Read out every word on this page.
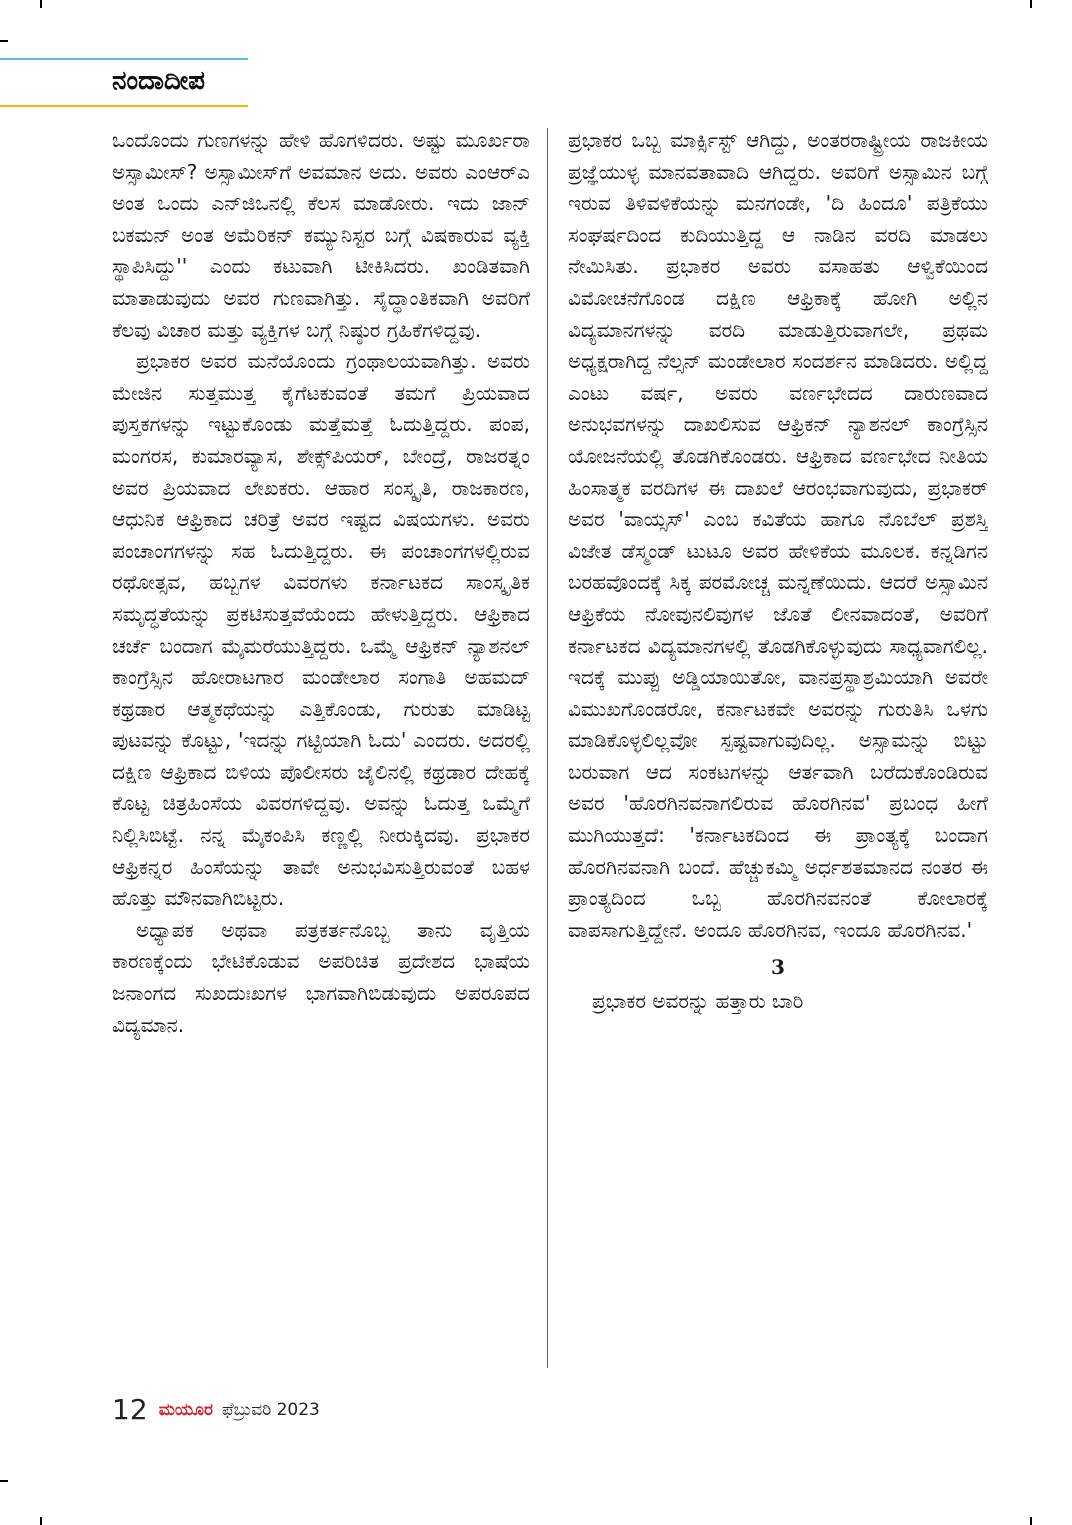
ನಂದಾದೀಪ

ಒಂದೊಂದು ಗುಣಗಳನ್ನು ಹೇಳಿ ಹೊಗಳಿದರು. ಅಷ್ಟು ಮೂರ್ಖರಾ ಅಸ್ಸಾಮೀಸ್? ಅಸ್ಸಾಮೀಸ್‌ಗೆ ಅವಮಾನ ಅದು. ಅವರು ಎಂಆರ್‌ಎ ಅಂತ ಒಂದು ಎನ್‌ಜಿಒನಲ್ಲಿ ಕೆಲಸ ಮಾಡೋರು. ಇದು ಜಾನ್ ಬಕಮನ್ ಅಂತ ಅಮೆರಿಕನ್ ಕಮ್ಯುನಿಸ್ಟರ ಬಗ್ಗೆ ವಿಷಕಾರುವ ವ್ಯಕ್ತಿ ಸ್ಥಾಪಿಸಿದ್ದು'' ಎಂದು ಕಟುವಾಗಿ ಟೀಕಿಸಿದರು. ಖಂಡಿತವಾಗಿ ಮಾತಾಡುವುದು ಅವರ ಗುಣವಾಗಿತ್ತು. ಸೈದ್ಧಾಂತಿಕವಾಗಿ ಅವರಿಗೆ ಕೆಲವು ವಿಚಾರ ಮತ್ತು ವ್ಯಕ್ತಿಗಳ ಬಗ್ಗೆ ನಿಷ್ಠುರ ಗ್ರಹಿಕೆಗಳಿದ್ದವು.

ಪ್ರಭಾಕರ ಅವರ ಮನೆಯೊಂದು ಗ್ರಂಥಾಲಯವಾಗಿತ್ತು. ಅವರು ಮೇಜಿನ ಸುತ್ತಮುತ್ತ ಕೈಗೆಟಕುವಂತೆ ತಮಗೆ ಪ್ರಿಯವಾದ ಪುಸ್ತಕಗಳನ್ನು ಇಟ್ಟುಕೊಂಡು ಮತ್ತೆಮತ್ತೆ ಓದುತ್ತಿದ್ದರು. ಪಂಪ, ಮಂಗರಸ, ಕುಮಾರವ್ಯಾಸ, ಶೇಕ್ಸ್‌ಪಿಯರ್, ಬೇಂದ್ರೆ, ರಾಜರತ್ನಂ ಅವರ ಪ್ರಿಯವಾದ ಲೇಖಕರು. ಆಹಾರ ಸಂಸ್ಕೃತಿ, ರಾಜಕಾರಣ, ಆಧುನಿಕ ಆಫ್ರಿಕಾದ ಚರಿತ್ರೆ ಅವರ ಇಷ್ಟದ ವಿಷಯಗಳು. ಅವರು ಪಂಚಾಂಗಗಳನ್ನು ಸಹ ಓದುತ್ತಿದ್ದರು. ಈ ಪಂಚಾಂಗಗಳಲ್ಲಿರುವ ರಥೋತ್ಸವ, ಹಬ್ಬಗಳ ವಿವರಗಳು ಕರ್ನಾಟಕದ ಸಾಂಸ್ಕೃತಿಕ ಸಮೃದ್ಧತೆಯನ್ನು ಪ್ರಕಟಿಸುತ್ತವೆಯೆಂದು ಹೇಳುತ್ತಿದ್ದರು. ಆಫ್ರಿಕಾದ ಚರ್ಚೆ ಬಂದಾಗ ಮೈಮರೆಯುತ್ತಿದ್ದರು. ಒಮ್ಮೆ ಆಫ್ರಿಕನ್ ನ್ಯಾಶನಲ್ ಕಾಂಗ್ರೆಸ್ಸಿನ ಹೋರಾಟಗಾರ ಮಂಡೇಲಾರ ಸಂಗಾತಿ ಅಹಮದ್ ಕಥ್ರಡಾರ ಆತ್ಮಕಥೆಯನ್ನು ಎತ್ತಿಕೊಂಡು, ಗುರುತು ಮಾಡಿಟ್ಟ ಪುಟವನ್ನು ಕೊಟ್ಟು, 'ಇದನ್ನು ಗಟ್ಟಿಯಾಗಿ ಓದು' ಎಂದರು. ಅದರಲ್ಲಿ ದಕ್ಷಿಣ ಆಫ್ರಿಕಾದ ಬಿಳಿಯ ಪೊಲೀಸರು ಜೈಲಿನಲ್ಲಿ ಕಥ್ರಡಾರ ದೇಹಕ್ಕೆ ಕೊಟ್ಟ ಚಿತ್ರಹಿಂಸೆಯ ವಿವರಗಳಿದ್ದವು. ಅವನ್ನು ಓದುತ್ತ ಒಮ್ಮೆಗೆ ನಿಲ್ಲಿಸಿಬಿಟ್ಟೆ. ನನ್ನ ಮೈಕಂಪಿಸಿ ಕಣ್ಣಲ್ಲಿ ನೀರುಕ್ಕಿದವು. ಪ್ರಭಾಕರ ಆಫ್ರಿಕನ್ನರ ಹಿಂಸೆಯನ್ನು ತಾವೇ ಅನುಭವಿಸುತ್ತಿರುವಂತೆ ಬಹಳ ಹೊತ್ತು ಮೌನವಾಗಿಬಿಟ್ಟರು.

ಅಧ್ಯಾಪಕ ಅಥವಾ ಪತ್ರಕರ್ತನೊಬ್ಬ ತಾನು ವೃತ್ತಿಯ ಕಾರಣಕ್ಕೆಂದು ಭೇಟಿಕೊಡುವ ಅಪರಿಚಿತ ಪ್ರದೇಶದ ಭಾಷೆಯ ಜನಾಂಗದ ಸುಖದುಃಖಗಳ ಭಾಗವಾಗಿಬಿಡುವುದು ಅಪರೂಪದ ವಿದ್ಯಮಾನ.

ಪ್ರಭಾಕರ ಒಬ್ಬ ಮಾರ್ಕ್ಸಿಸ್ಟ್ ಆಗಿದ್ದು, ಅಂತರರಾಷ್ಟ್ರೀಯ ರಾಜಕೀಯ ಪ್ರಜ್ಞೆಯುಳ್ಳ ಮಾನವತಾವಾದಿ ಆಗಿದ್ದರು. ಅವರಿಗೆ ಅಸ್ಸಾಮಿನ ಬಗ್ಗೆ ಇರುವ ತಿಳಿವಳಿಕೆಯನ್ನು ಮನಗಂಡೇ, 'ದಿ ಹಿಂದೂ' ಪತ್ರಿಕೆಯು ಸಂಘರ್ಷದಿಂದ ಕುದಿಯುತ್ತಿದ್ದ ಆ ನಾಡಿನ ವರದಿ ಮಾಡಲು ನೇಮಿಸಿತು. ಪ್ರಭಾಕರ ಅವರು ವಸಾಹತು ಆಳ್ವಿಕೆಯಿಂದ ವಿಮೋಚನೆಗೊಂಡ ದಕ್ಷಿಣ ಆಫ್ರಿಕಾಕ್ಕೆ ಹೋಗಿ ಅಲ್ಲಿನ ವಿದ್ಯಮಾನಗಳನ್ನು ವರದಿ ಮಾಡುತ್ತಿರುವಾಗಲೇ, ಪ್ರಥಮ ಅಧ್ಯಕ್ಷರಾಗಿದ್ದ ನೆಲ್ಸನ್ ಮಂಡೇಲಾರ ಸಂದರ್ಶನ ಮಾಡಿದರು. ಅಲ್ಲಿದ್ದ ಎಂಟು ವರ್ಷ, ಅವರು ವರ್ಣಭೇದದ ದಾರುಣವಾದ ಅನುಭವಗಳನ್ನು ದಾಖಲಿಸುವ ಆಫ್ರಿಕನ್ ನ್ಯಾಶನಲ್ ಕಾಂಗ್ರೆಸ್ಸಿನ ಯೋಜನೆಯಲ್ಲಿ ತೊಡಗಿಕೊಂಡರು. ಆಫ್ರಿಕಾದ ವರ್ಣಭೇದ ನೀತಿಯ ಹಿಂಸಾತ್ಮಕ ವರದಿಗಳ ಈ ದಾಖಲೆ ಆರಂಭವಾಗುವುದು, ಪ್ರಭಾಕರ್ ಅವರ 'ವಾಯ್ಸಸ್' ಎಂಬ ಕವಿತೆಯ ಹಾಗೂ ನೊಬೆಲ್ ಪ್ರಶಸ್ತಿ ವಿಜೇತ ಡೆಸ್ಮಂಡ್ ಟುಟೂ ಅವರ ಹೇಳಿಕೆಯ ಮೂಲಕ. ಕನ್ನಡಿಗನ ಬರಹವೊಂದಕ್ಕೆ ಸಿಕ್ಕ ಪರಮೋಚ್ಚ ಮನ್ನಣೆಯಿದು. ಆದರೆ ಅಸ್ಸಾಮಿನ ಆಫ್ರಿಕೆಯ ನೋವುನಲಿವುಗಳ ಜೊತೆ ಲೀನವಾದಂತೆ, ಅವರಿಗೆ ಕರ್ನಾಟಕದ ವಿದ್ಯಮಾನಗಳಲ್ಲಿ ತೊಡಗಿಕೊಳ್ಳುವುದು ಸಾಧ್ಯವಾಗಲಿಲ್ಲ. ಇದಕ್ಕೆ ಮುಪ್ಪು ಅಡ್ಡಿಯಾಯಿತೋ, ವಾನಪ್ರಸ್ಥಾಶ್ರಮಿಯಾಗಿ ಅವರೇ ವಿಮುಖಗೊಂಡರೋ, ಕರ್ನಾಟಕವೇ ಅವರನ್ನು ಗುರುತಿಸಿ ಒಳಗು ಮಾಡಿಕೊಳ್ಳಲಿಲ್ಲವೋ ಸ್ಪಷ್ಟವಾಗುವುದಿಲ್ಲ. ಅಸ್ಸಾಮನ್ನು ಬಿಟ್ಟು ಬರುವಾಗ ಆದ ಸಂಕಟಗಳನ್ನು ಆರ್ತವಾಗಿ ಬರೆದುಕೊಂಡಿರುವ ಅವರ 'ಹೊರಗಿನವನಾಗಲಿರುವ ಹೊರಗಿನವ' ಪ್ರಬಂಧ ಹೀಗೆ ಮುಗಿಯುತ್ತದೆ: 'ಕರ್ನಾಟಕದಿಂದ ಈ ಪ್ರಾಂತ್ಯಕ್ಕೆ ಬಂದಾಗ ಹೊರಗಿನವನಾಗಿ ಬಂದೆ. ಹೆಚ್ಚುಕಮ್ಮಿ ಅರ್ಧಶತಮಾನದ ನಂತರ ಈ ಪ್ರಾಂತ್ಯದಿಂದ ಒಬ್ಬ ಹೊರಗಿನವನಂತೆ ಕೋಲಾರಕ್ಕೆ ವಾಪಸಾಗುತ್ತಿದ್ದೇನೆ. ಅಂದೂ ಹೊರಗಿನವ, ಇಂದೂ ಹೊರಗಿನವ.'

3

ಪ್ರಭಾಕರ ಅವರನ್ನು ಹತ್ತಾರು ಬಾರಿ

12 ಮಯೂರ ಫೆಬ್ರುವರಿ 2023
